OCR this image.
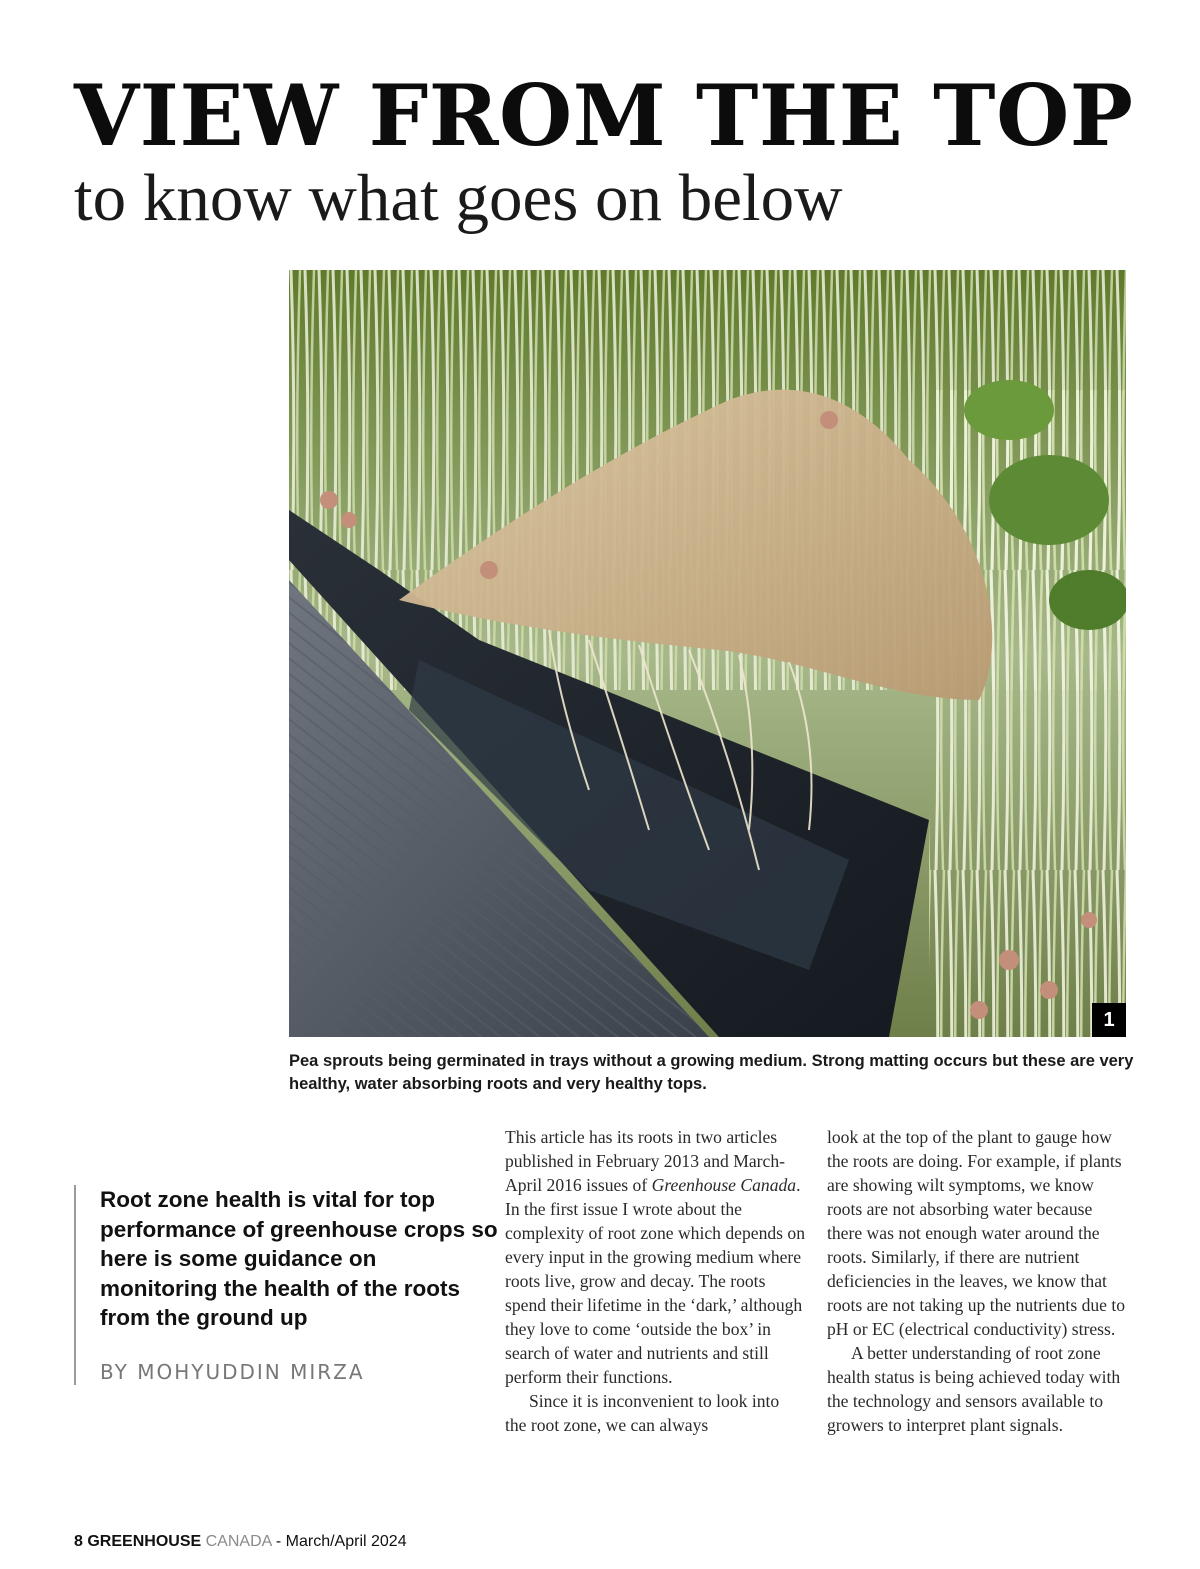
VIEW FROM THE TOP
to know what goes on below
1

Pea sprouts being germinated in trays without a growing medium. Strong matting occurs but these are very healthy, water absorbing roots and very healthy tops.

Root zone health is vital for top performance of greenhouse crops so here is some guidance on monitoring the health of the roots from the ground up

BY MOHYUDDIN MIRZA

This article has its roots in two articles published in February 2013 and March-April 2016 issues of Greenhouse Canada. In the first issue I wrote about the complexity of root zone which depends on every input in the growing medium where roots live, grow and decay. The roots spend their lifetime in the ‘dark,’ although they love to come ‘outside the box’ in search of water and nutrients and still perform their functions.

Since it is inconvenient to look into the root zone, we can always

look at the top of the plant to gauge how the roots are doing. For example, if plants are showing wilt symptoms, we know roots are not absorbing water because there was not enough water around the roots. Similarly, if there are nutrient deficiencies in the leaves, we know that roots are not taking up the nutrients due to pH or EC (electrical conductivity) stress.

A better understanding of root zone health status is being achieved today with the technology and sensors available to growers to interpret plant signals.

8 GREENHOUSE CANADA - March/April 2024
